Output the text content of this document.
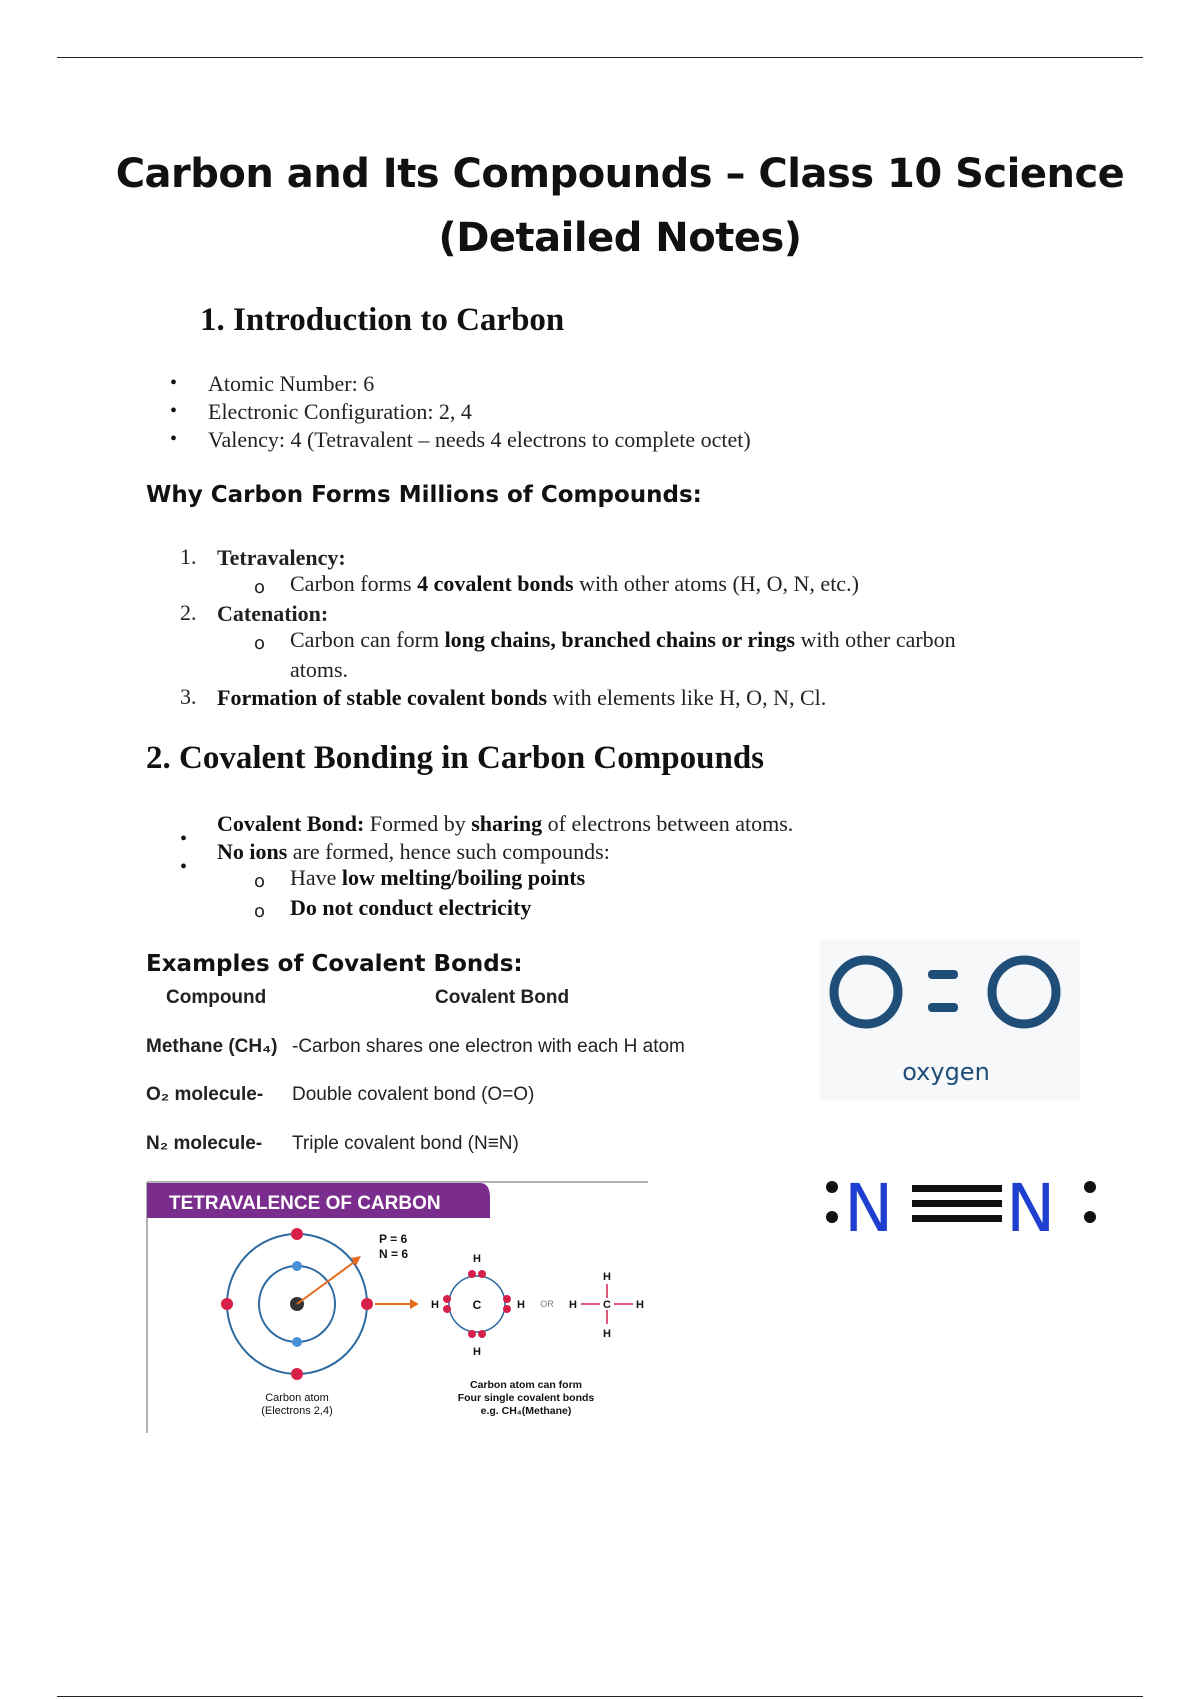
Carbon and Its Compounds – Class 10 Science
(Detailed Notes)
1. Introduction to Carbon
• Atomic Number: 6
• Electronic Configuration: 2, 4
• Valency: 4 (Tetravalent – needs 4 electrons to complete octet)
Why Carbon Forms Millions of Compounds:
1. Tetravalency:
o Carbon forms 4 covalent bonds with other atoms (H, O, N, etc.)
2. Catenation:
o Carbon can form long chains, branched chains or rings with other carbon
atoms.
3. Formation of stable covalent bonds with elements like H, O, N, Cl.
2. Covalent Bonding in Carbon Compounds
•
Covalent Bond: Formed by sharing of electrons between atoms.
•
No ions are formed, hence such compounds:
o Have low melting/boiling points
o Do not conduct electricity
Examples of Covalent Bonds:
Compound	Covalent Bond
Methane (CH₄) -Carbon shares one electron with each H atom
O₂ molecule- Double covalent bond (O=O)
N₂ molecule- Triple covalent bond (N≡N)
oxygen
N N
TETRAVALENCE OF CARBON
P = 6
N = 6
Carbon atom
(Electrons 2,4)
C
H
H	H
H
OR
H
H C H
H
Carbon atom can form
Four single covalent bonds
e.g. CH₄(Methane)
